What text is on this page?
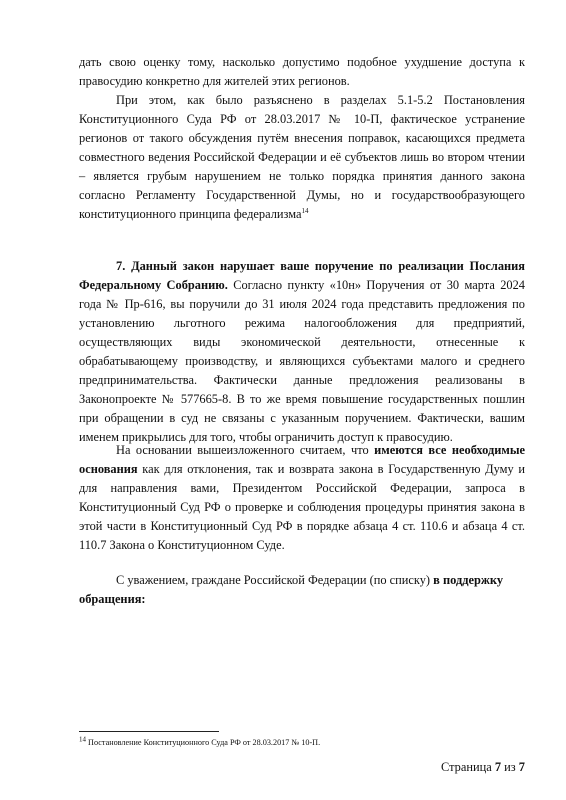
дать свою оценку тому, насколько допустимо подобное ухудшение доступа к правосудию конкретно для жителей этих регионов.

При этом, как было разъяснено в разделах 5.1-5.2 Постановления Конституционного Суда РФ от 28.03.2017 № 10-П, фактическое устранение регионов от такого обсуждения путём внесения поправок, касающихся предмета совместного ведения Российской Федерации и её субъектов лишь во втором чтении – является грубым нарушением не только порядка принятия данного закона согласно Регламенту Государственной Думы, но и государствообразующего конституционного принципа федерализма$^{14}$

7. Данный закон нарушает ваше поручение по реализации Послания Федеральному Собранию. Согласно пункту «10н» Поручения от 30 марта 2024 года № Пр-616, вы поручили до 31 июля 2024 года представить предложения по установлению льготного режима налогообложения для предприятий, осуществляющих виды экономической деятельности, отнесенные к обрабатывающему производству, и являющихся субъектами малого и среднего предпринимательства. Фактически данные предложения реализованы в Законопроекте № 577665-8. В то же время повышение государственных пошлин при обращении в суд не связаны с указанным поручением. Фактически, вашим именем прикрылись для того, чтобы ограничить доступ к правосудию.

На основании вышеизложенного считаем, что имеются все необходимые основания как для отклонения, так и возврата закона в Государственную Думу и для направления вами, Президентом Российской Федерации, запроса в Конституционный Суд РФ о проверке и соблюдения процедуры принятия закона в этой части в Конституционный Суд РФ в порядке абзаца 4 ст. 110.6 и абзаца 4 ст. 110.7 Закона о Конституционном Суде.

С уважением, граждане Российской Федерации (по списку) в поддержку обращения:

$^{14}$ Постановление Конституционного Суда РФ от 28.03.2017 № 10-П.
Страница 7 из 7
